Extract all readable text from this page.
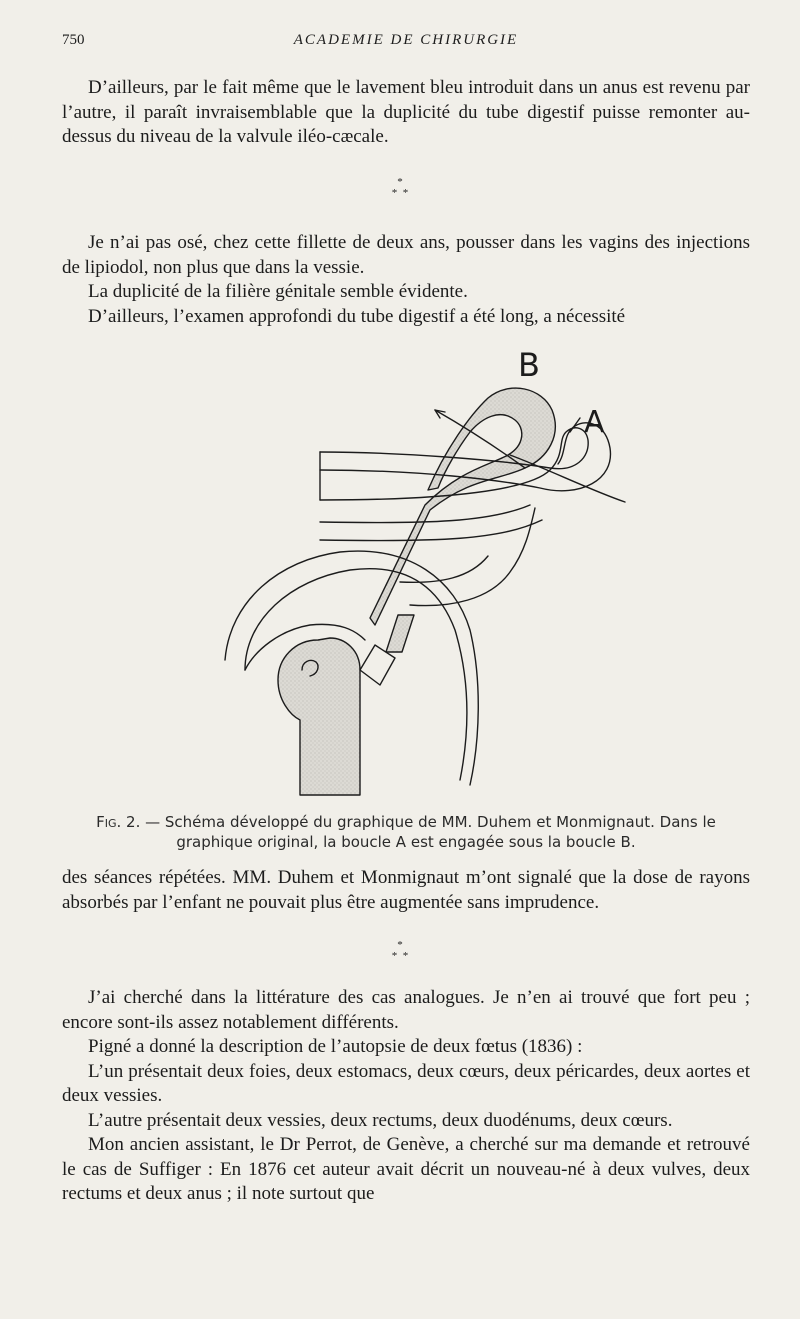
750	ACADEMIE DE CHIRURGIE

D’ailleurs, par le fait même que le lavement bleu introduit dans un anus est revenu par l’autre, il paraît invraisemblable que la duplicité du tube digestif puisse remonter au-dessus du niveau de la valvule iléo-cæcale.

*
*  *

Je n’ai pas osé, chez cette fillette de deux ans, pousser dans les vagins des injections de lipiodol, non plus que dans la vessie.

La duplicité de la filière génitale semble évidente.

D’ailleurs, l’examen approfondi du tube digestif a été long, a nécessité

B
A
Fig. 2. — Schéma développé du graphique de MM. Duhem et Monmignaut. Dans le graphique original, la boucle A est engagée sous la boucle B.

des séances répétées. MM. Duhem et Monmignaut m’ont signalé que la dose de rayons absorbés par l’enfant ne pouvait plus être augmentée sans imprudence.

*
*  *

J’ai cherché dans la littérature des cas analogues. Je n’en ai trouvé que fort peu ; encore sont-ils assez notablement différents.

Pigné a donné la description de l’autopsie de deux fœtus (1836) :

L’un présentait deux foies, deux estomacs, deux cœurs, deux péricardes, deux aortes et deux vessies.

L’autre présentait deux vessies, deux rectums, deux duodénums, deux cœurs.

Mon ancien assistant, le Dr Perrot, de Genève, a cherché sur ma demande et retrouvé le cas de Suffiger : En 1876 cet auteur avait décrit un nouveau-né à deux vulves, deux rectums et deux anus ; il note surtout que
